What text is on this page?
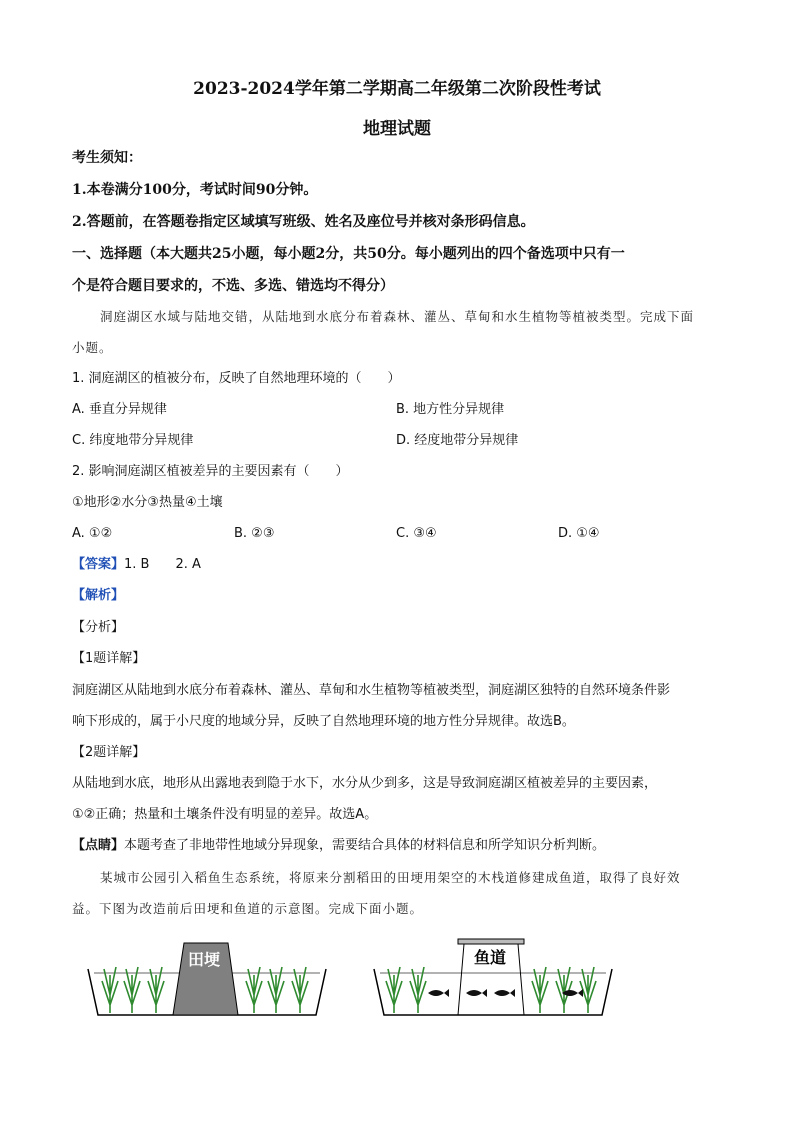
2023-2024学年第二学期高二年级第二次阶段性考试
地理试题
考生须知：
1.本卷满分100分，考试时间90分钟。
2.答题前，在答题卷指定区域填写班级、姓名及座位号并核对条形码信息。
一、选择题（本大题共25小题，每小题2分，共50分。每小题列出的四个备选项中只有一
个是符合题目要求的，不选、多选、错选均不得分）
洞庭湖区水域与陆地交错，从陆地到水底分布着森林、灌丛、草甸和水生植物等植被类型。完成下面
小题。
1. 洞庭湖区的植被分布，反映了自然地理环境的（　　）
A. 垂直分异规律	B. 地方性分异规律
C. 纬度地带分异规律	D. 经度地带分异规律
2. 影响洞庭湖区植被差异的主要因素有（　　）
①地形②水分③热量④土壤
A. ①②	B. ②③	C. ③④	D. ①④
【答案】1. B　　2. A
【解析】
【分析】
【1题详解】
洞庭湖区从陆地到水底分布着森林、灌丛、草甸和水生植物等植被类型，洞庭湖区独特的自然环境条件影
响下形成的，属于小尺度的地域分异，反映了自然地理环境的地方性分异规律。故选B。
【2题详解】
从陆地到水底，地形从出露地表到隐于水下，水分从少到多，这是导致洞庭湖区植被差异的主要因素，
①②正确；热量和土壤条件没有明显的差异。故选A。
【点睛】本题考查了非地带性地域分异现象，需要结合具体的材料信息和所学知识分析判断。
某城市公园引入稻鱼生态系统，将原来分割稻田的田埂用架空的木栈道修建成鱼道，取得了良好效
益。下图为改造前后田埂和鱼道的示意图。完成下面小题。
田埂	鱼道
